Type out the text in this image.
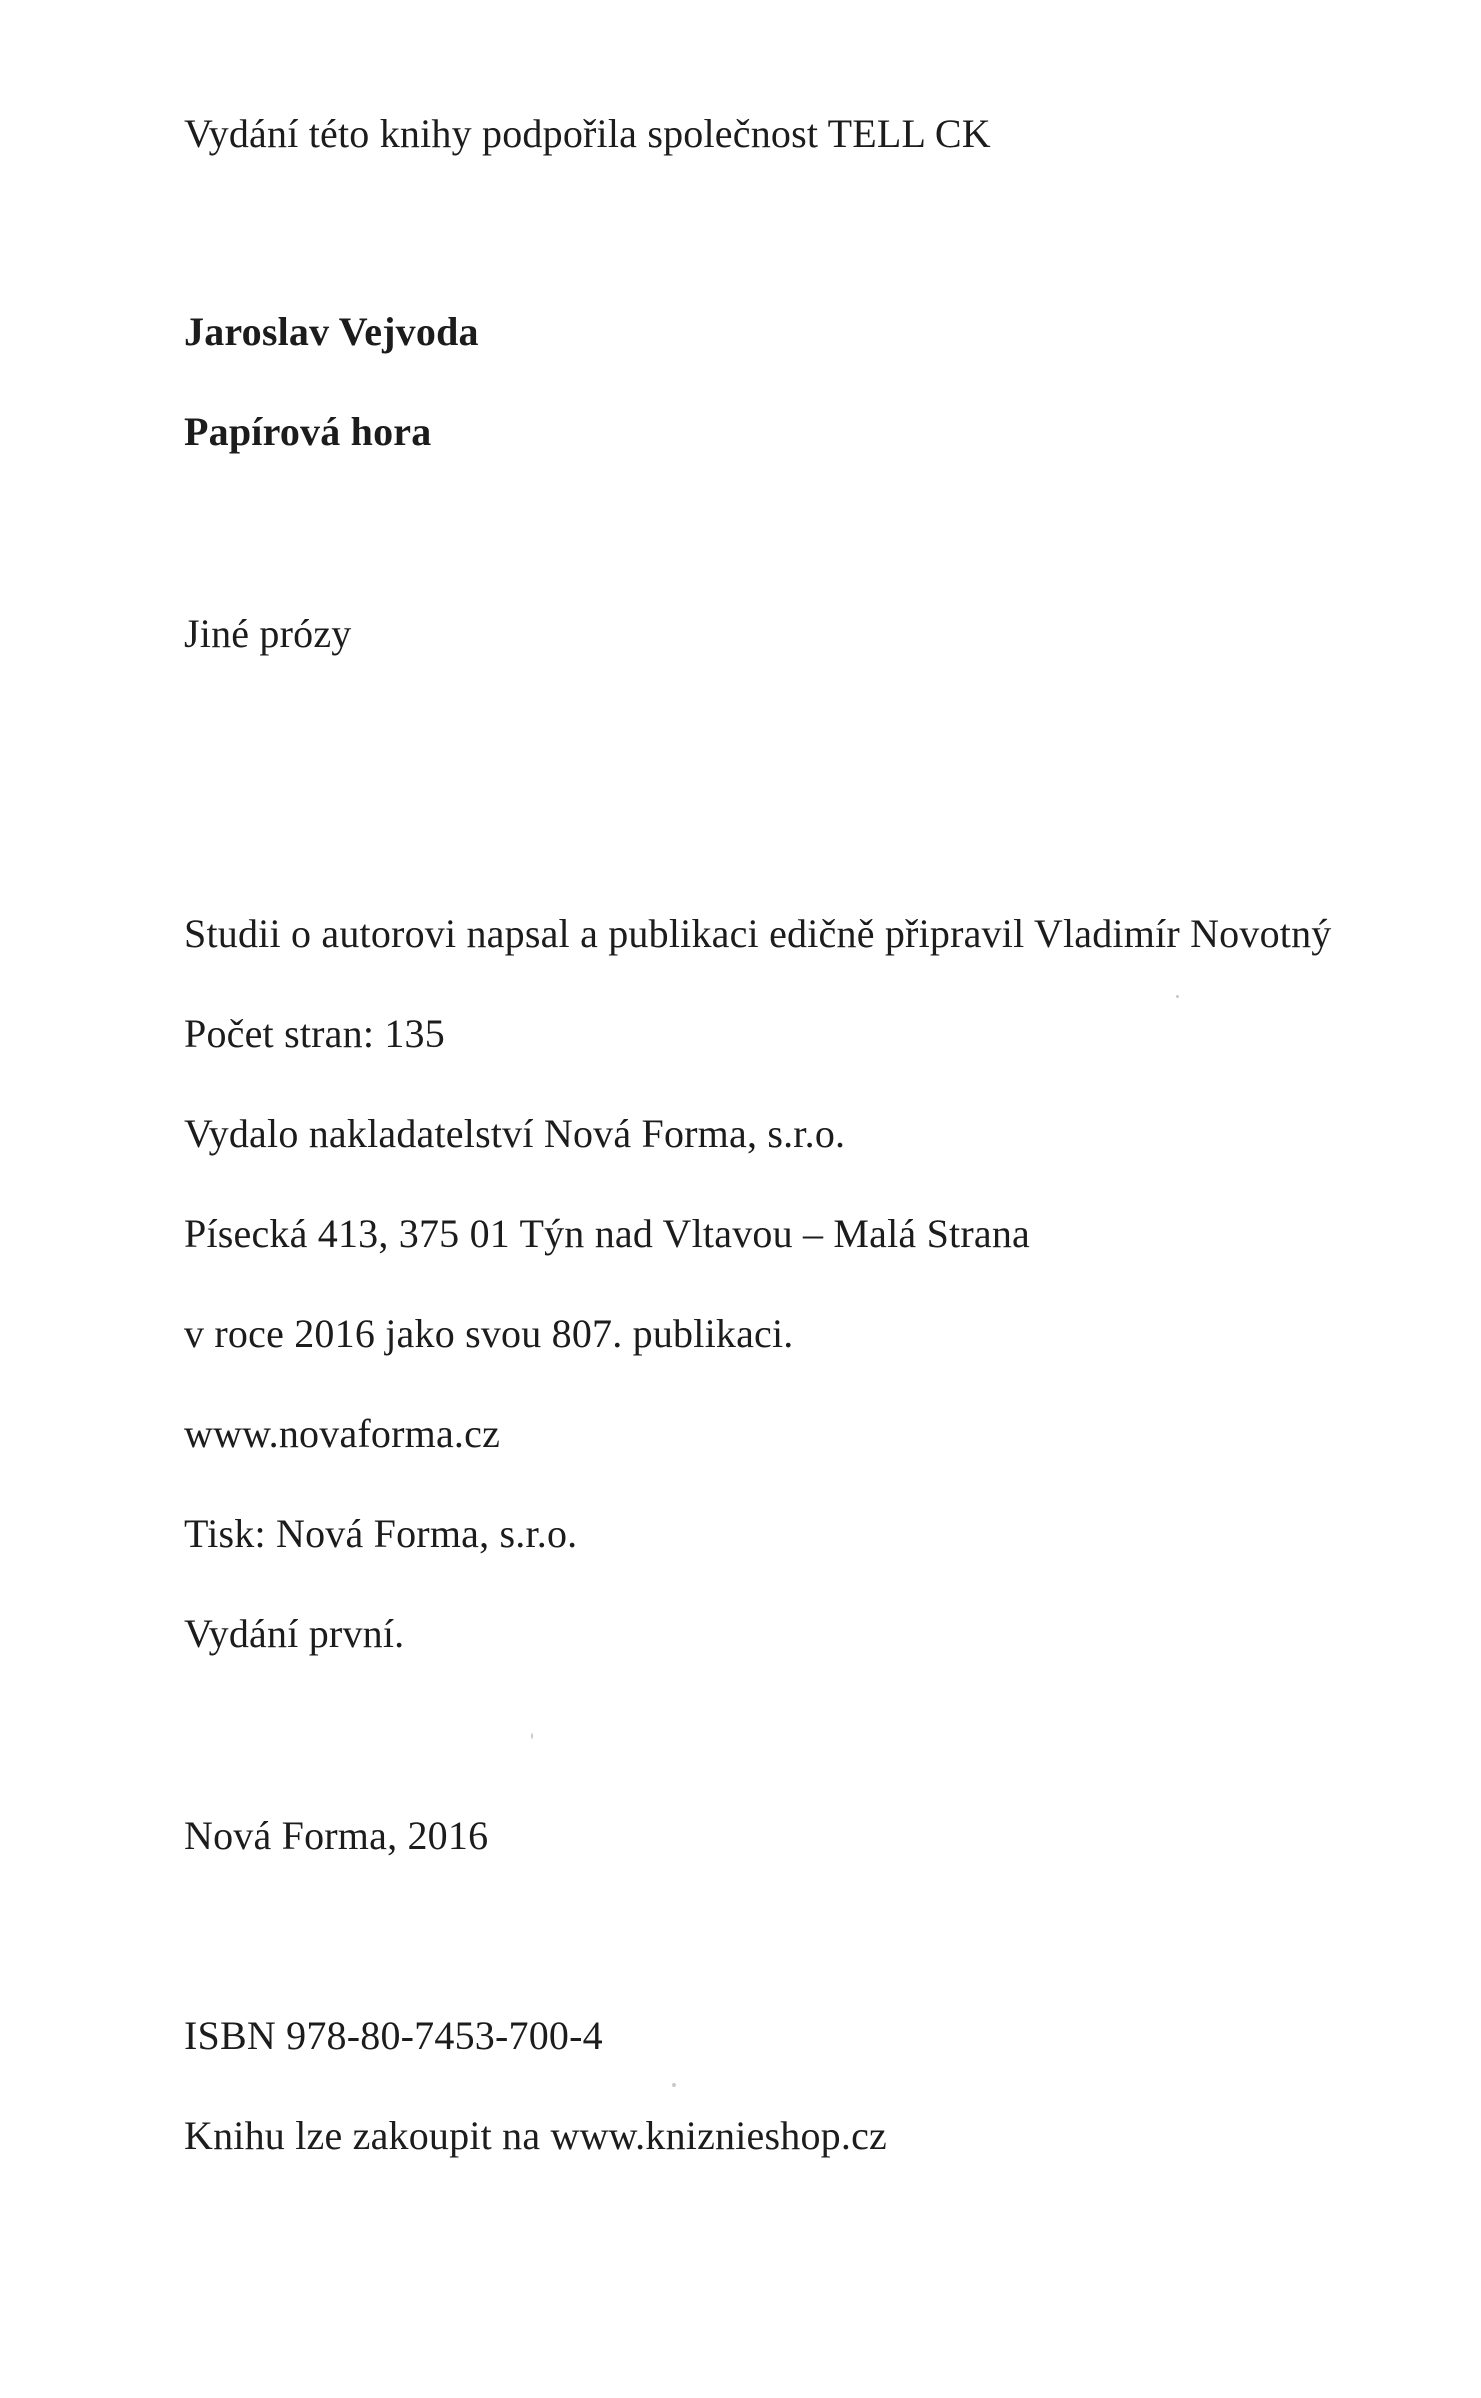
Vydání této knihy podpořila společnost TELL CK
Jaroslav Vejvoda
Papírová hora
Jiné prózy
Studii o autorovi napsal a publikaci edičně připravil Vladimír Novotný
Počet stran: 135
Vydalo nakladatelství Nová Forma, s.r.o.
Písecká 413, 375 01 Týn nad Vltavou – Malá Strana
v roce 2016 jako svou 807. publikaci.
www.novaforma.cz
Tisk: Nová Forma, s.r.o.
Vydání první.
Nová Forma, 2016
ISBN 978-80-7453-700-4
Knihu lze zakoupit na www.kniznieshop.cz
